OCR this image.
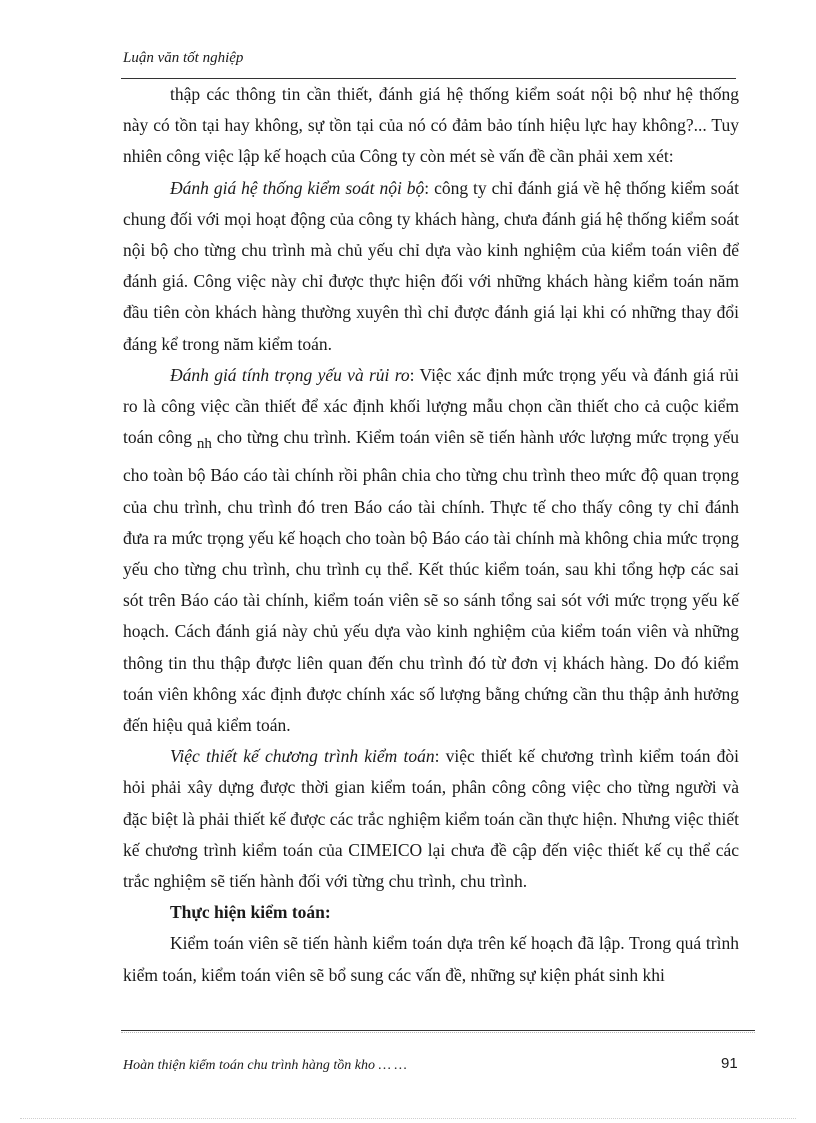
Luận văn tốt nghiệp

thập các thông tin cần thiết, đánh giá hệ thống kiểm soát nội bộ như hệ thống này có tồn tại hay không, sự tồn tại của nó có đảm bảo tính hiệu lực hay không?... Tuy nhiên công việc lập kế hoạch của Công ty còn mét sè vấn đề cần phải xem xét:

Đánh giá hệ thống kiểm soát nội bộ: công ty chỉ đánh giá về hệ thống kiểm soát chung đối với mọi hoạt động của công ty khách hàng, chưa đánh giá hệ thống kiểm soát nội bộ cho từng chu trình mà chủ yếu chỉ dựa vào kinh nghiệm của kiểm toán viên để đánh giá. Công việc này chỉ được thực hiện đối với những khách hàng kiểm toán năm đầu tiên còn khách hàng thường xuyên thì chỉ được đánh giá lại khi có những thay đổi đáng kể trong năm kiểm toán.

Đánh giá tính trọng yếu và rủi ro: Việc xác định mức trọng yếu và đánh giá rủi ro là công việc cần thiết để xác định khối lượng mẫu chọn cần thiết cho cả cuộc kiểm toán công nh cho từng chu trình. Kiểm toán viên sẽ tiến hành ước lượng mức trọng yếu cho toàn bộ Báo cáo tài chính rồi phân chia cho từng chu trình theo mức độ quan trọng của chu trình, chu trình đó tren Báo cáo tài chính. Thực tế cho thấy công ty chỉ đánh đưa ra mức trọng yếu kế hoạch cho toàn bộ Báo cáo tài chính mà không chia mức trọng yếu cho từng chu trình, chu trình cụ thể. Kết thúc kiểm toán, sau khi tổng hợp các sai sót trên Báo cáo tài chính, kiểm toán viên sẽ so sánh tổng sai sót với mức trọng yếu kế hoạch. Cách đánh giá này chủ yếu dựa vào kinh nghiệm của kiểm toán viên và những thông tin thu thập được liên quan đến chu trình đó từ đơn vị khách hàng. Do đó kiểm toán viên không xác định được chính xác số lượng bằng chứng cần thu thập ảnh hưởng đến hiệu quả kiểm toán.

Việc thiết kế chương trình kiểm toán: việc thiết kế chương trình kiểm toán đòi hỏi phải xây dựng được thời gian kiểm toán, phân công công việc cho từng người và đặc biệt là phải thiết kế được các trắc nghiệm kiểm toán cần thực hiện. Nhưng việc thiết kế chương trình kiểm toán của CIMEICO lại chưa đề cập đến việc thiết kế cụ thể các trắc nghiệm sẽ tiến hành đối với từng chu trình, chu trình.

Thực hiện kiểm toán:

Kiểm toán viên sẽ tiến hành kiểm toán dựa trên kế hoạch đã lập. Trong quá trình kiểm toán, kiểm toán viên sẽ bổ sung các vấn đề, những sự kiện phát sinh khi

Hoàn thiện kiểm toán chu trình hàng tồn kho … …	91
